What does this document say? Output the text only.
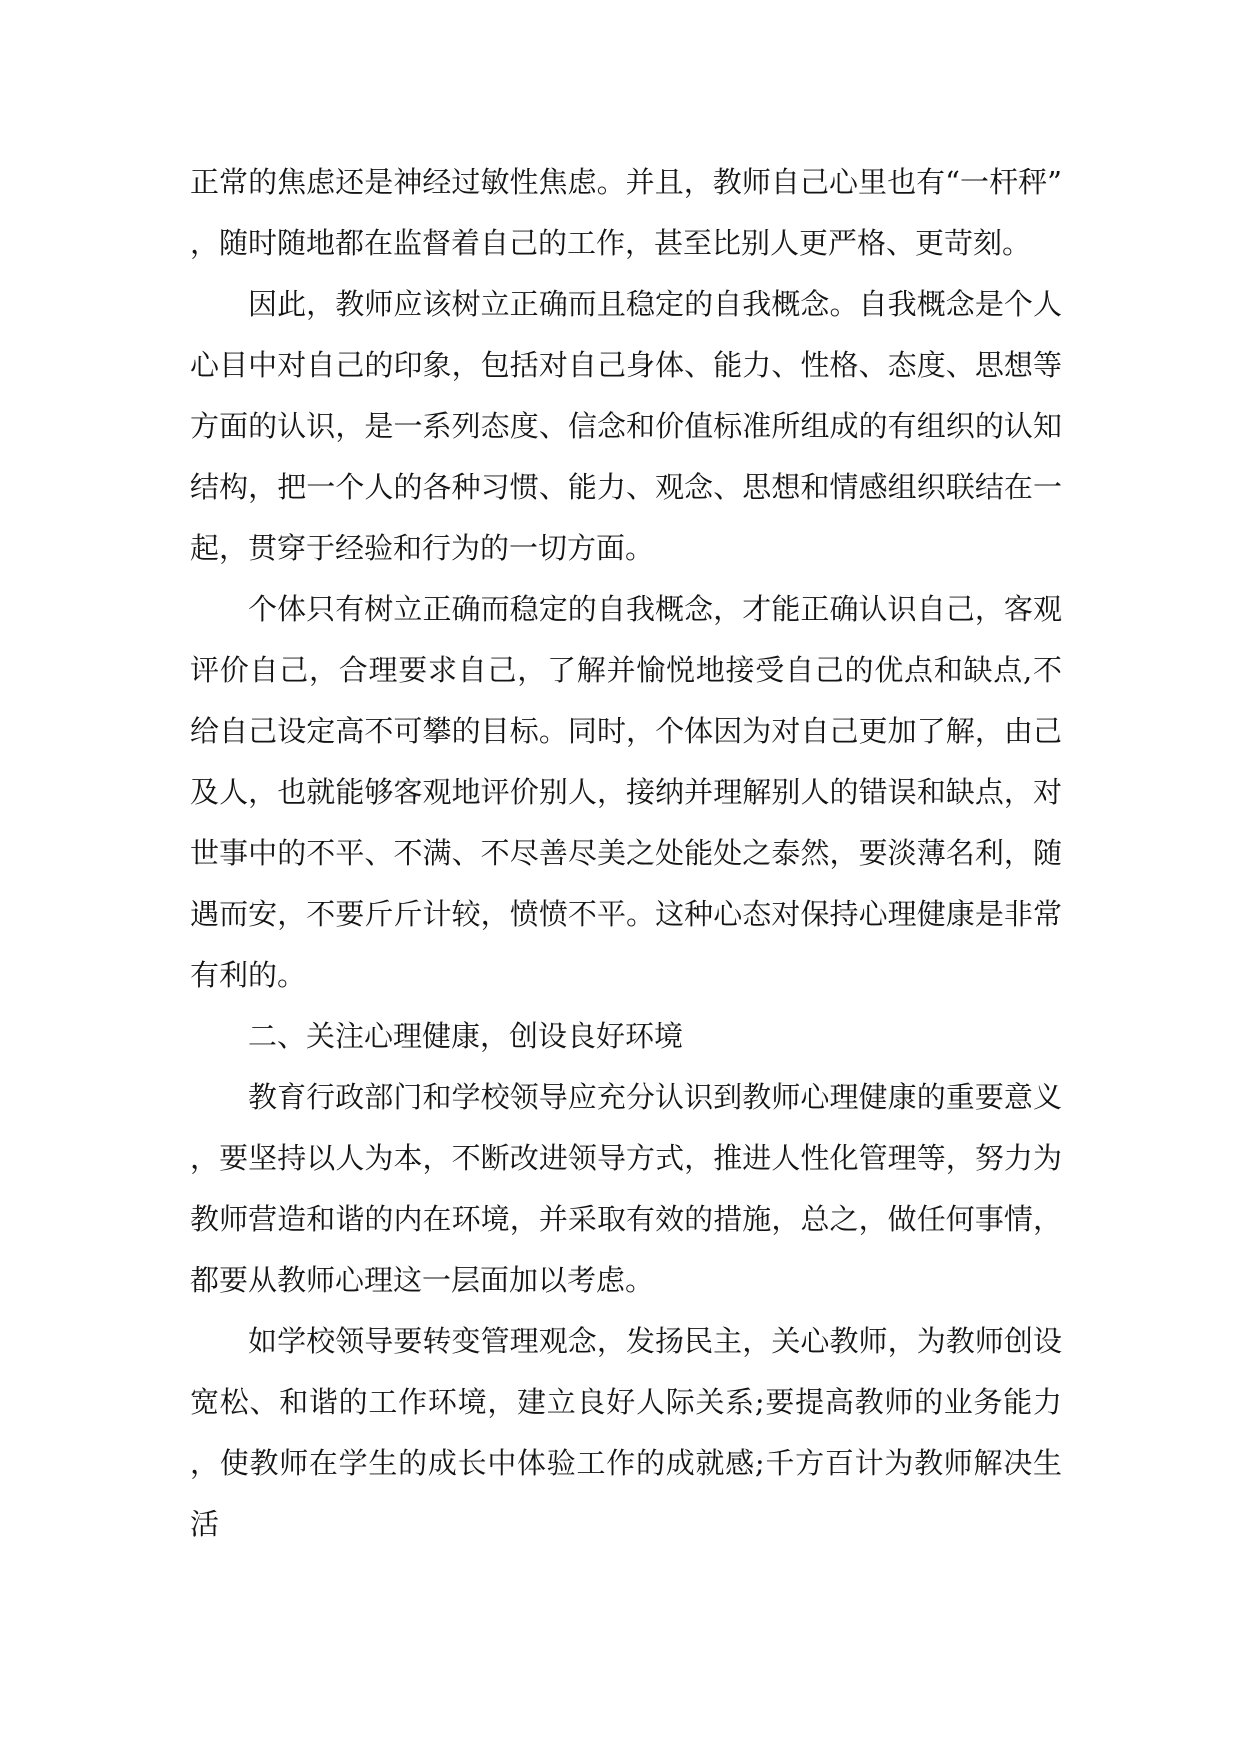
正常的焦虑还是神经过敏性焦虑。并且，教师自己心里也有“一杆秤”，随时随地都在监督着自己的工作，甚至比别人更严格、更苛刻。

因此，教师应该树立正确而且稳定的自我概念。自我概念是个人心目中对自己的印象，包括对自己身体、能力、性格、态度、思想等方面的认识，是一系列态度、信念和价值标准所组成的有组织的认知结构，把一个人的各种习惯、能力、观念、思想和情感组织联结在一起，贯穿于经验和行为的一切方面。

个体只有树立正确而稳定的自我概念，才能正确认识自己，客观评价自己，合理要求自己，了解并愉悦地接受自己的优点和缺点,不给自己设定高不可攀的目标。同时，个体因为对自己更加了解，由己及人，也就能够客观地评价别人，接纳并理解别人的错误和缺点，对世事中的不平、不满、不尽善尽美之处能处之泰然，要淡薄名利，随遇而安，不要斤斤计较，愤愤不平。这种心态对保持心理健康是非常有利的。

二、关注心理健康，创设良好环境

教育行政部门和学校领导应充分认识到教师心理健康的重要意义，要坚持以人为本，不断改进领导方式，推进人性化管理等，努力为教师营造和谐的内在环境，并采取有效的措施，总之，做任何事情，都要从教师心理这一层面加以考虑。

如学校领导要转变管理观念，发扬民主，关心教师，为教师创设宽松、和谐的工作环境，建立良好人际关系;要提高教师的业务能力，使教师在学生的成长中体验工作的成就感;千方百计为教师解决生活
